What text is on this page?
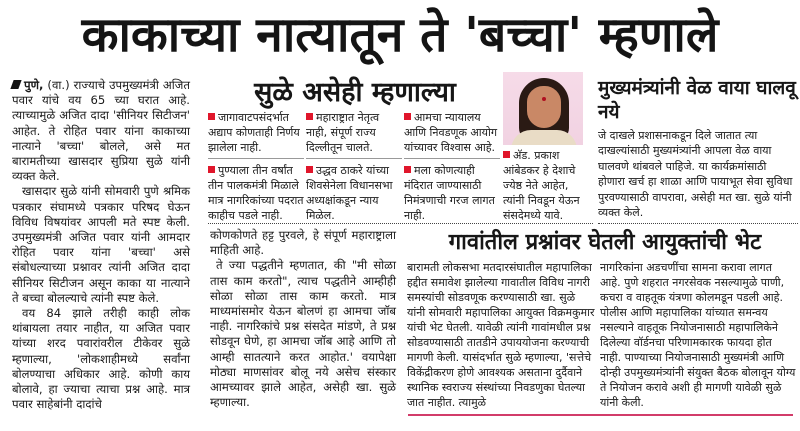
काकाच्या नात्यातून ते 'बच्चा' म्हणाले

पुणे, (वा.) राज्याचे उपमुख्यमंत्री अजित पवार यांचे वय 65 च्या घरात आहे. त्याच्यामुळे अजित दादा 'सीनियर सिटीजन' आहेत. ते रोहित पवार यांना काकाच्या नात्याने 'बच्चा' बोलले, असे मत बारामतीच्या खासदार सुप्रिया सुळे यांनी व्यक्त केले.

खासदार सुळे यांनी सोमवारी पुणे श्रमिक पत्रकार संघामध्ये पत्रकार परिषद घेऊन विविध विषयांवर आपली मते स्पष्ट केली. उपमुख्यमंत्री अजित पवार यांनी आमदार रोहित पवार यांना 'बच्चा' असे संबोधल्याच्या प्रश्नावर त्यांनी अजित दादा सीनियर सिटीजन असून काका या नात्याने ते बच्चा बोलल्याचे त्यांनी स्पष्ट केले.

वय 84 झाले तरीही काही लोक थांबायला तयार नाहीत, या अजित पवार यांच्या शरद पवारांवरील टीकेवर सुळे म्हणाल्या, 'लोकशाहीमध्ये सर्वांना बोलण्याचा अधिकार आहे. कोणी काय बोलावे, हा ज्याचा त्याचा प्रश्न आहे. मात्र पवार साहेबांनी दादांचे

सुळे असेही म्हणाल्या
जागावाटपसंदर्भात अद्याप कोणताही निर्णय झालेला नाही.
पुण्याला तीन वर्षांत तीन पालकमंत्री मिळाले मात्र नागरिकांच्या पदरात काहीच पडले नाही.
महाराष्ट्रात नेतृत्व नाही, संपूर्ण राज्य दिल्लीतून चालते.
उद्धव ठाकरे यांच्या शिवसेनेला विधानसभा अध्यक्षांकडून न्याय मिळेल.
आमचा न्यायालय आणि निवडणूक आयोग यांच्यावर विश्वास आहे.
मला कोणत्याही मंदिरात जाण्यासाठी निमंत्रणाची गरज लागत नाही.
अ‍ॅड. प्रकाश आंबेडकर हे देशाचे ज्येष्ठ नेते आहेत, त्यांनी निवडून येऊन संसदेमध्ये यावे.
मुख्यमंत्र्यांनी वेळ वाया घालवू नये
जे दाखले प्रशासनाकडून दिले जातात त्या दाखल्यांसाठी मुख्यमंत्र्यांनी आपला वेळ वाया घालवणे थांबवले पाहिजे. या कार्यक्रमांसाठी होणारा खर्च हा शाळा आणि पायाभूत सेवा सुविधा पुरवण्यासाठी वापरावा, असेही मत खा. सुळे यांनी व्यक्त केले.

कोणकोणते हट्ट पुरवले, हे संपूर्ण महाराष्ट्राला माहिती आहे.

ते ज्या पद्धतीने म्हणतात, की "मी सोळा तास काम करतो", त्याच पद्धतीने आम्हीही सोळा सोळा तास काम करतो. मात्र माध्यमांसमोर येऊन बोलणं हा आमचा जॉब नाही. नागरिकांचे प्रश्न संसदेत मांडणे, ते प्रश्न सोडवून घेणे, हा आमचा जॉब आहे आणि तो आम्ही सातत्याने करत आहोत.' वयापेक्षा मोठ्या माणसांवर बोलू नये असेच संस्कार आमच्यावर झाले आहेत, असेही खा. सुळे म्हणाल्या.

गावांतील प्रश्नांवर घेतली आयुक्तांची भेट
बारामती लोकसभा मतदारसंघातील महापालिका हद्दीत समावेश झालेल्या गावातील विविध नागरी समस्यांची सोडवणूक करण्यासाठी खा. सुळे यांनी सोमवारी महापालिका आयुक्त विक्रमकुमार यांची भेट घेतली. यावेळी त्यांनी गावांमधील प्रश्न सोडवण्यासाठी तातडीने उपाययोजना करण्याची मागणी केली. यासंदर्भात सुळे म्हणाल्या, 'सत्तेचे विकेंद्रीकरण होणे आवश्यक असताना दुर्दैवाने स्थानिक स्वराज्य संस्थांच्या निवडणुका घेतल्या जात नाहीत. त्यामुळे
नागरिकांना अडचणींचा सामना करावा लागत आहे. पुणे शहरात नगरसेवक नसल्यामुळे पाणी, कचरा व वाहतूक यंत्रणा कोलमडून पडली आहे. पोलीस आणि महापालिका यांच्यात समन्वय नसल्याने वाहतूक नियोजनासाठी महापालिकेने दिलेल्या वॉर्डनचा परिणामकारक फायदा होत नाही. पाण्याच्या नियोजनासाठी मुख्यमंत्री आणि दोन्ही उपमुख्यमंत्र्यांनी संयुक्त बैठक बोलावून योग्य ते नियोजन करावे अशी ही मागणी यावेळी सुळे यांनी केली.
